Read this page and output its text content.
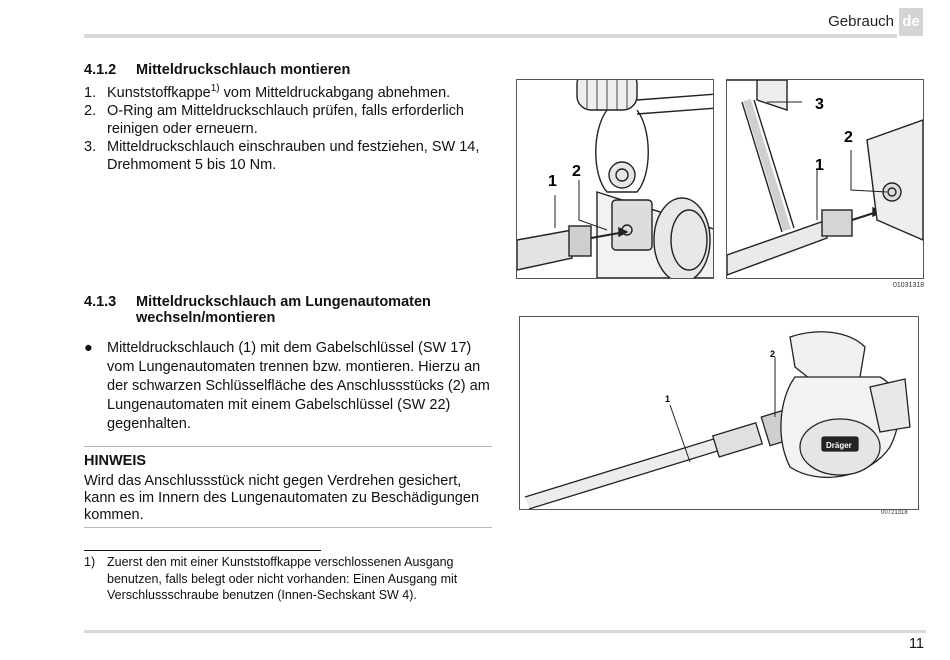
Gebrauch de
4.1.2 Mitteldruckschlauch montieren
1. Kunststoffkappe$^{1)}$ vom Mitteldruckabgang abnehmen.
2. O-Ring am Mitteldruckschlauch prüfen, falls erforderlich reinigen oder erneuern.
3. Mitteldruckschlauch einschrauben und festziehen, SW 14, Drehmoment 5 bis 10 Nm.
1
2
3
2
1
01031318
4.1.3 Mitteldruckschlauch am Lungenautomaten wechseln/montieren
● Mitteldruckschlauch (1) mit dem Gabelschlüssel (SW 17) vom Lungenautomaten trennen bzw. montieren. Hierzu an der schwarzen Schlüsselfläche des Anschlussstücks (2) am Lungenautomaten mit einem Gabelschlüssel (SW 22) gegenhalten.
Dräger
2
1
00721318
HINWEIS
Wird das Anschlussstück nicht gegen Verdrehen gesichert, kann es im Innern des Lungenautomaten zu Beschädigungen kommen.
1) Zuerst den mit einer Kunststoffkappe verschlossenen Ausgang benutzen, falls belegt oder nicht vorhanden: Einen Ausgang mit Verschlussschraube benutzen (Innen-Sechskant SW 4).
11
